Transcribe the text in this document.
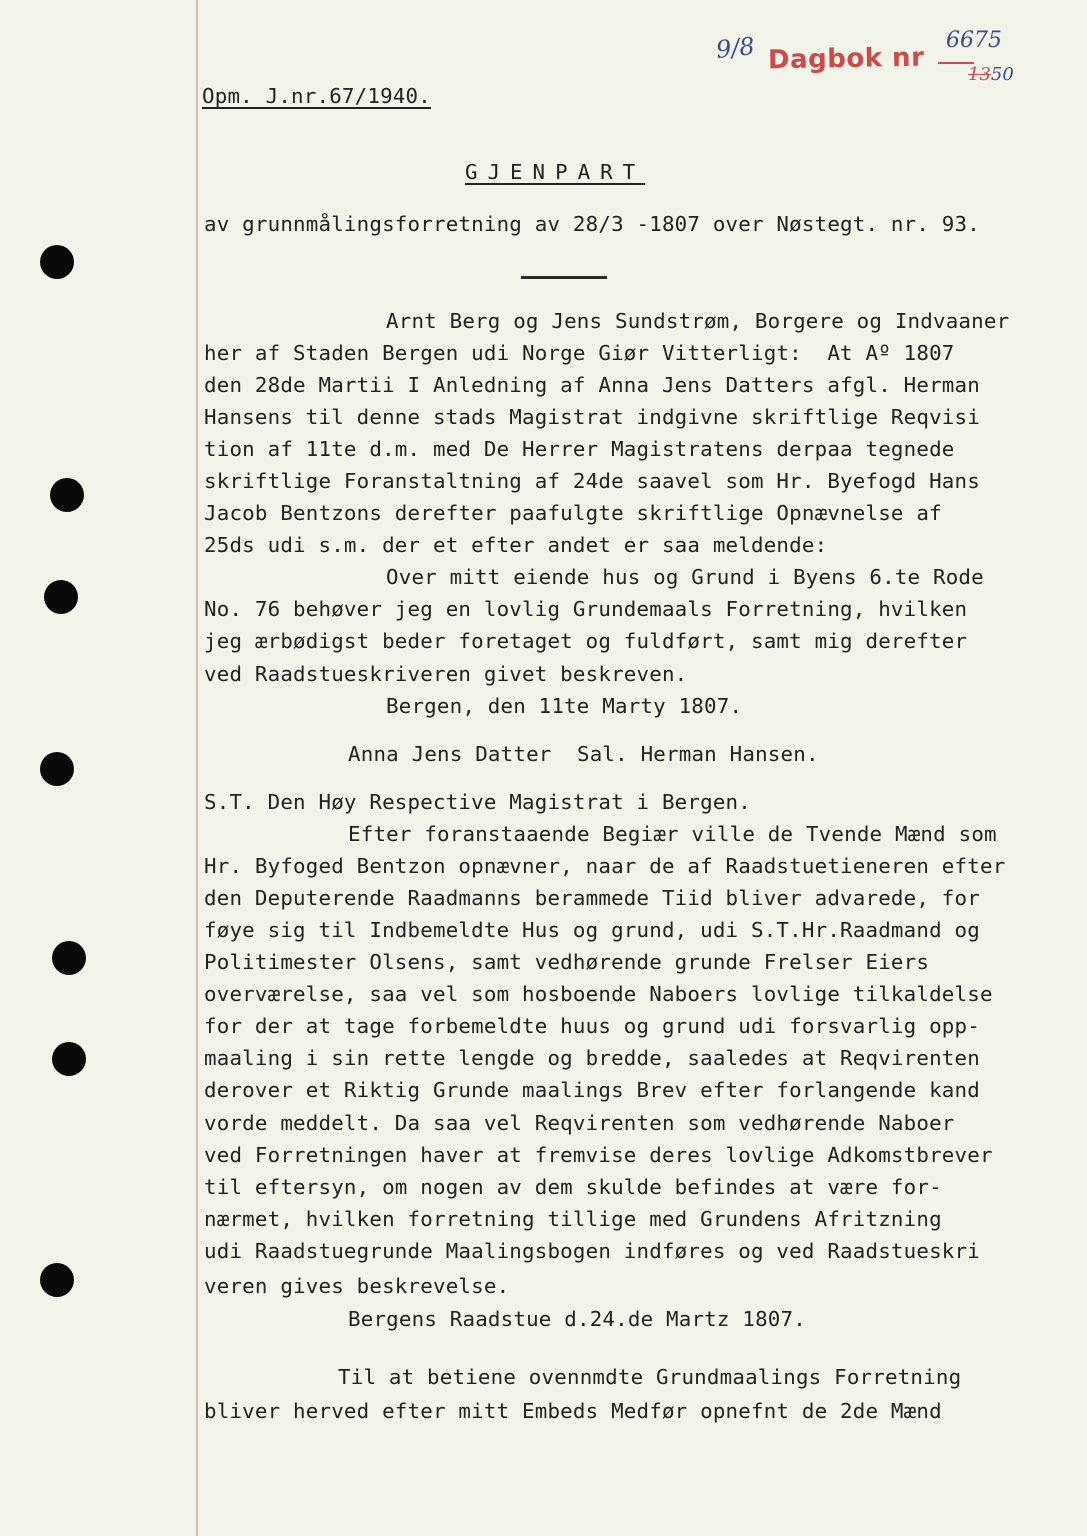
9/8 Dagbok nr
6675
1350
Opm. J.nr.67/1940.
GJENPART
av grunnmålingsforretning av 28/3 -1807 over Nøstegt. nr. 93.
Arnt Berg og Jens Sundstrøm, Borgere og Indvaaner
her af Staden Bergen udi Norge Giør Vitterligt:  At Aº 1807
den 28de Martii I Anledning af Anna Jens Datters afgl. Herman
Hansens til denne stads Magistrat indgivne skriftlige Reqvisi
tion af 11te d.m. med De Herrer Magistratens derpaa tegnede
skriftlige Foranstaltning af 24de saavel som Hr. Byefogd Hans
Jacob Bentzons derefter paafulgte skriftlige Opnævnelse af
25ds udi s.m. der et efter andet er saa meldende:
Over mitt eiende hus og Grund i Byens 6.te Rode
No. 76 behøver jeg en lovlig Grundemaals Forretning, hvilken
jeg ærbødigst beder foretaget og fuldført, samt mig derefter
ved Raadstueskriveren givet beskreven.
Bergen, den 11te Marty 1807.
Anna Jens Datter  Sal. Herman Hansen.
S.T. Den Høy Respective Magistrat i Bergen.
Efter foranstaaende Begiær ville de Tvende Mænd som
Hr. Byfoged Bentzon opnævner, naar de af Raadstuetieneren efter
den Deputerende Raadmanns berammede Tiid bliver advarede, for
føye sig til Indbemeldte Hus og grund, udi S.T.Hr.Raadmand og
Politimester Olsens, samt vedhørende grunde Frelser Eiers
overværelse, saa vel som hosboende Naboers lovlige tilkaldelse
for der at tage forbemeldte huus og grund udi forsvarlig opp-
maaling i sin rette lengde og bredde, saaledes at Reqvirenten
derover et Riktig Grunde maalings Brev efter forlangende kand
vorde meddelt. Da saa vel Reqvirenten som vedhørende Naboer
ved Forretningen haver at fremvise deres lovlige Adkomstbrever
til eftersyn, om nogen av dem skulde befindes at være for-
nærmet, hvilken forretning tillige med Grundens Afritzning
udi Raadstuegrunde Maalingsbogen indføres og ved Raadstueskri
veren gives beskrevelse.
Bergens Raadstue d.24.de Martz 1807.
Til at betiene ovennmdte Grundmaalings Forretning
bliver herved efter mitt Embeds Medfør opnefnt de 2de Mænd
